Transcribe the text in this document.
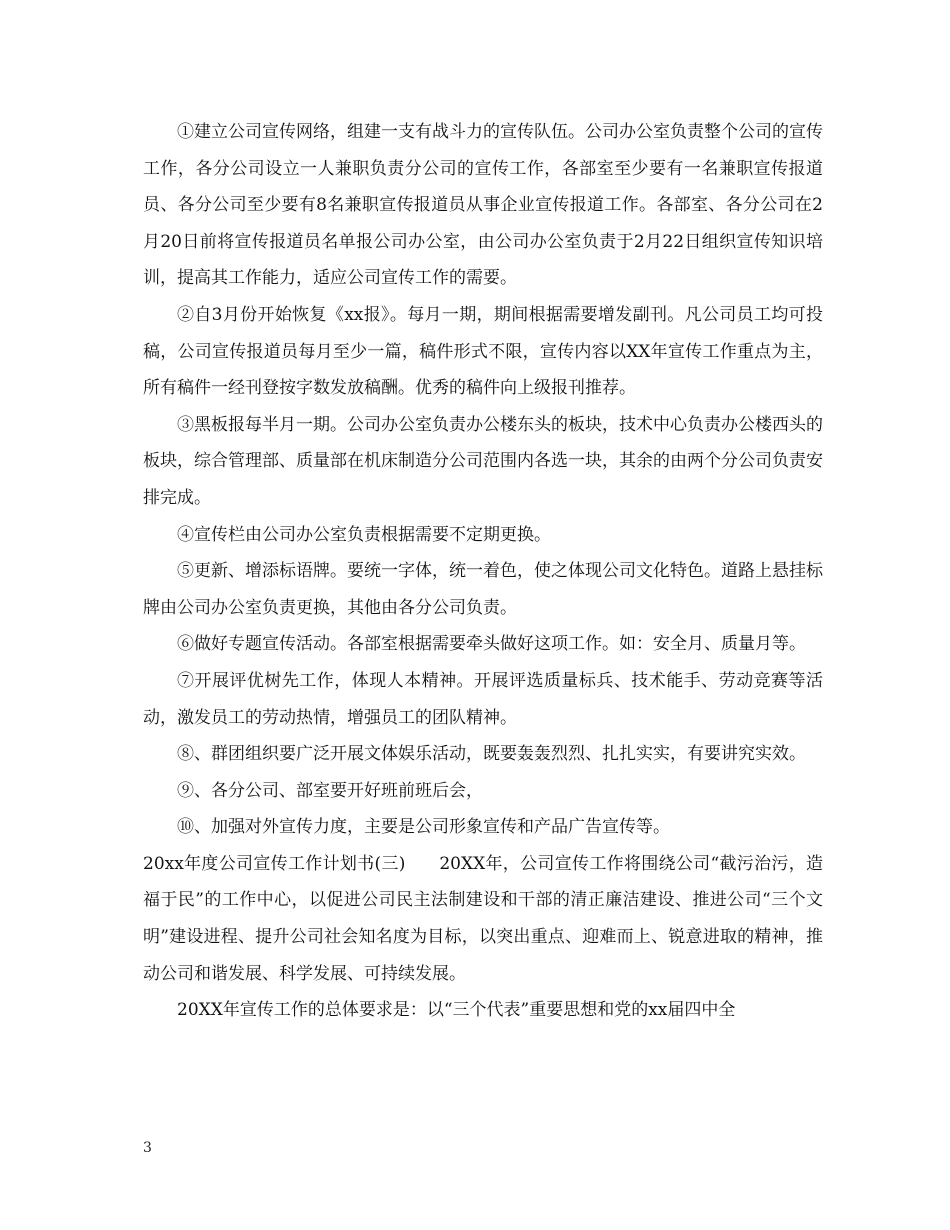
①建立公司宣传网络，组建一支有战斗力的宣传队伍。公司办公室负责整个公司的宣传工作，各分公司设立一人兼职负责分公司的宣传工作，各部室至少要有一名兼职宣传报道员、各分公司至少要有8名兼职宣传报道员从事企业宣传报道工作。各部室、各分公司在2月20日前将宣传报道员名单报公司办公室，由公司办公室负责于2月22日组织宣传知识培训，提高其工作能力，适应公司宣传工作的需要。

②自3月份开始恢复《xx报》。每月一期，期间根据需要增发副刊。凡公司员工均可投稿，公司宣传报道员每月至少一篇，稿件形式不限，宣传内容以XX年宣传工作重点为主，所有稿件一经刊登按字数发放稿酬。优秀的稿件向上级报刊推荐。

③黑板报每半月一期。公司办公室负责办公楼东头的板块，技术中心负责办公楼西头的板块，综合管理部、质量部在机床制造分公司范围内各选一块，其余的由两个分公司负责安排完成。

④宣传栏由公司办公室负责根据需要不定期更换。

⑤更新、增添标语牌。要统一字体，统一着色，使之体现公司文化特色。道路上悬挂标牌由公司办公室负责更换，其他由各分公司负责。

⑥做好专题宣传活动。各部室根据需要牵头做好这项工作。如：安全月、质量月等。

⑦开展评优树先工作，体现人本精神。开展评选质量标兵、技术能手、劳动竞赛等活动，激发员工的劳动热情，增强员工的团队精神。

⑧、群团组织要广泛开展文体娱乐活动，既要轰轰烈烈、扎扎实实，有要讲究实效。

⑨、各分公司、部室要开好班前班后会，

⑩、加强对外宣传力度，主要是公司形象宣传和产品广告宣传等。

20xx年度公司宣传工作计划书(三) 20XX年，公司宣传工作将围绕公司“截污治污，造福于民”的工作中心，以促进公司民主法制建设和干部的清正廉洁建设、推进公司“三个文明”建设进程、提升公司社会知名度为目标，以突出重点、迎难而上、锐意进取的精神，推动公司和谐发展、科学发展、可持续发展。

20XX年宣传工作的总体要求是：以“三个代表”重要思想和党的xx届四中全

3
